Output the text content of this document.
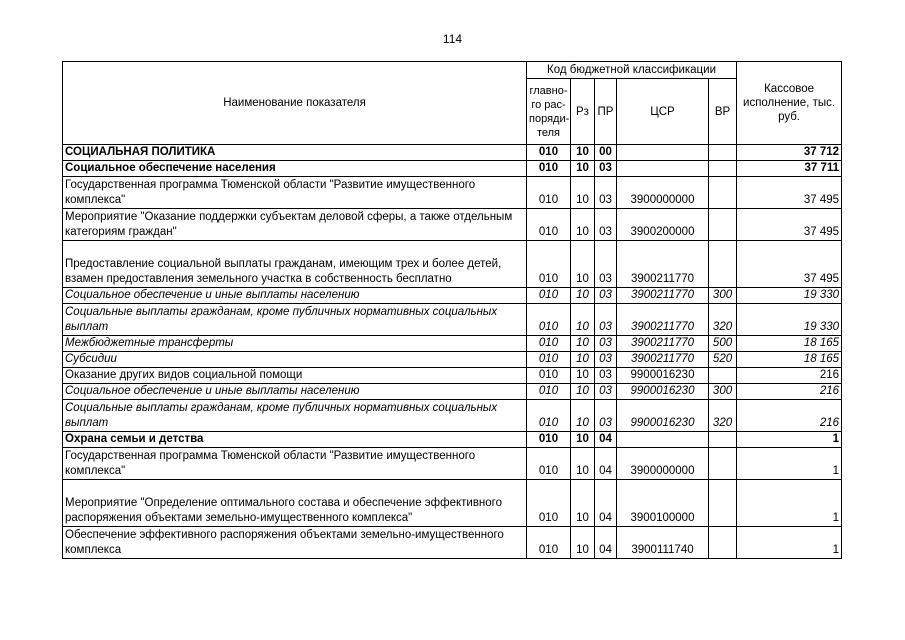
114
Наименование показателя	Код бюджетной классификации					Кассовое исполнение, тыс. руб.
	главно-го рас-поряди-теля	Рз	ПР	ЦСР	ВР	
СОЦИАЛЬНАЯ ПОЛИТИКА	010	10	00			37 712
Социальное обеспечение населения	010	10	03			37 711
Государственная программа Тюменской области "Развитие имущественного комплекса"	010	10	03	3900000000		37 495
Мероприятие "Оказание поддержки субъектам деловой сферы, а также отдельным категориям граждан"	010	10	03	3900200000		37 495
Предоставление социальной выплаты гражданам, имеющим трех и более детей, взамен предоставления земельного участка в собственность бесплатно	010	10	03	3900211770		37 495
Социальное обеспечение и иные выплаты населению	010	10	03	3900211770	300	19 330
Социальные выплаты гражданам, кроме публичных нормативных социальных выплат	010	10	03	3900211770	320	19 330
Межбюджетные трансферты	010	10	03	3900211770	500	18 165
Субсидии	010	10	03	3900211770	520	18 165
Оказание других видов социальной помощи	010	10	03	9900016230		216
Социальное обеспечение и иные выплаты населению	010	10	03	9900016230	300	216
Социальные выплаты гражданам, кроме публичных нормативных социальных выплат	010	10	03	9900016230	320	216
Охрана семьи и детства	010	10	04			1
Государственная программа Тюменской области "Развитие имущественного комплекса"	010	10	04	3900000000		1
Мероприятие "Определение оптимального состава и обеспечение эффективного распоряжения объектами земельно-имущественного комплекса"	010	10	04	3900100000		1
Обеспечение эффективного распоряжения объектами земельно-имущественного комплекса	010	10	04	3900111740		1
